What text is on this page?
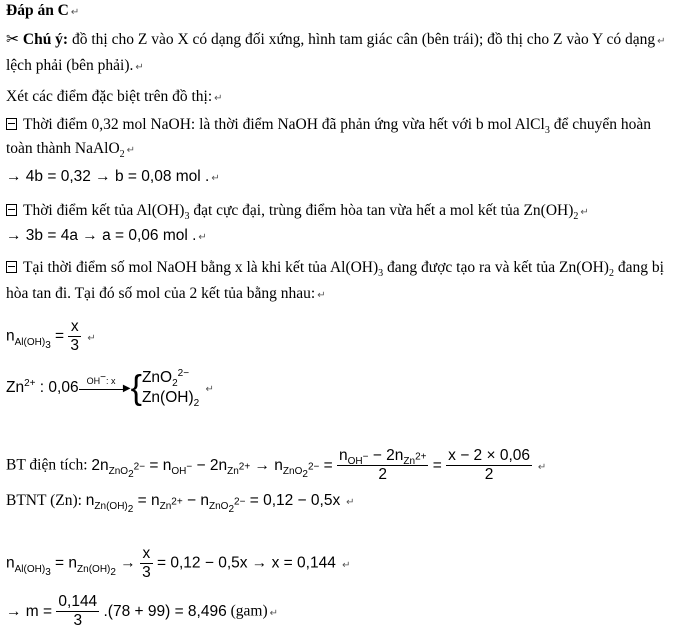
Đáp án C ↵
✂ Chú ý: đồ thị cho Z vào X có dạng đối xứng, hình tam giác cân (bên trái); đồ thị cho Z vào Y có dạng ↵
lệch phải (bên phải). ↵
Xét các điểm đặc biệt trên đồ thị: ↵
Thời điểm 0,32 mol NaOH: là thời điểm NaOH đã phản ứng vừa hết với b mol AlCl$_3$ để chuyển hoàn
toàn thành NaAlO$_2$ ↵
→ 4b = 0,32 → b = 0,08 mol . ↵
Thời điểm kết tủa $Al(OH)_3$ đạt cực đại, trùng điểm hòa tan vừa hết a mol kết tủa $Zn(OH)_2$ ↵
→ 3b = 4a → a = 0,06 mol . ↵
Tại thời điểm số mol NaOH bằng x là khi kết tủa $Al(OH)_3$ đang được tạo ra và kết tủa $Zn(OH)_2$ đang bị
hòa tan đi. Tại đó số mol của 2 kết tủa bằng nhau: ↵
$n_{Al(OH)_3} = \frac{x}{3}$ ↵
$Zn^{2+}$ : 0,06 OH−: x
▶ { ZnO$_2^{2-}$
$Zn(OH)_2$
↵
BT điện tích: $2n_{ZnO_2^{2-}} = n_{OH^-} - 2n_{Zn^{2+}} \to n_{ZnO_2^{2-}} = \frac{n_{OH^-} - 2n_{Zn^{2+}}}{2} = \frac{x - 2 \times 0,06}{2}$ ↵
BTNT (Zn): $n_{Zn(OH)_2} = n_{Zn^{2+}} - n_{ZnO_2^{2-}} = 0,12 - 0,5x$ ↵
$n_{Al(OH)_3} = n_{Zn(OH)_2} \to \frac{x}{3} = 0,12 - 0,5x \to x = 0,144$ ↵
→ $m = \frac{0,144}{3} .(78 + 99) = 8,496$ (gam) ↵
